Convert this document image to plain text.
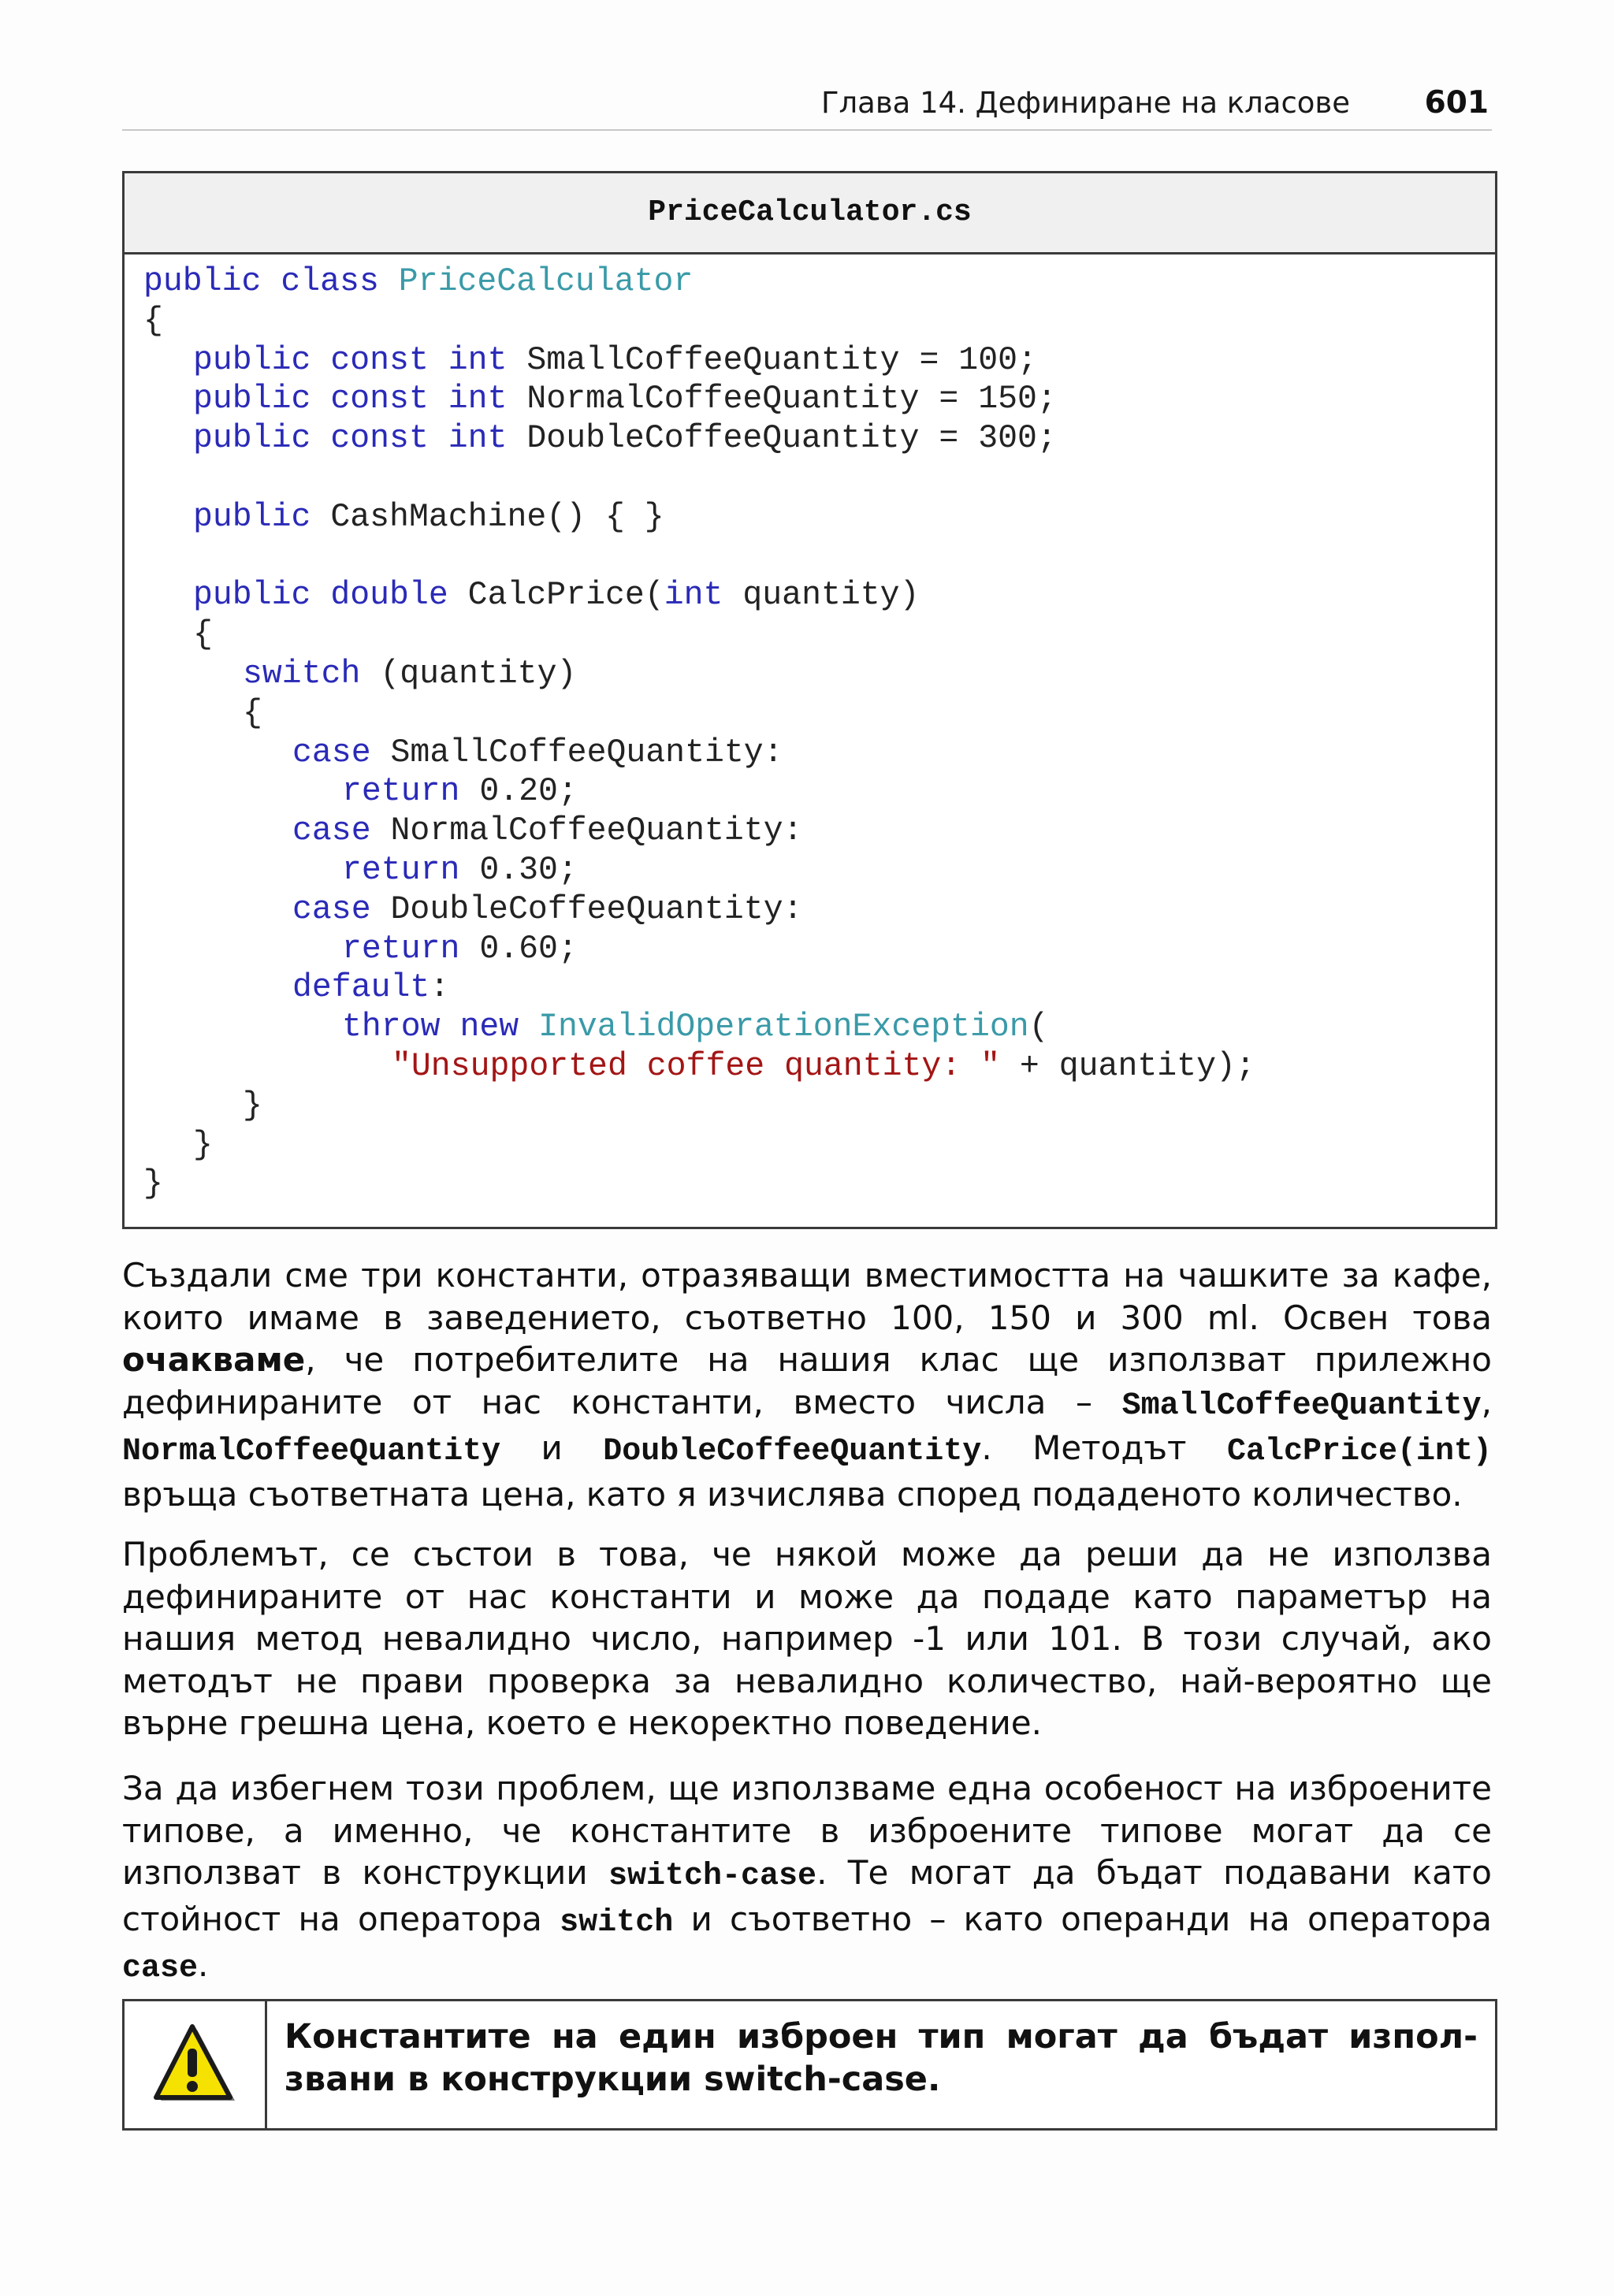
Глава 14. Дефиниране на класове 601
PriceCalculator.cs
public class PriceCalculator
{
public const int SmallCoffeeQuantity = 100;
public const int NormalCoffeeQuantity = 150;
public const int DoubleCoffeeQuantity = 300;

public CashMachine() { }

public double CalcPrice(int quantity)
{
switch (quantity)
{
case SmallCoffeeQuantity:
return 0.20;
case NormalCoffeeQuantity:
return 0.30;
case DoubleCoffeeQuantity:
return 0.60;
default:
throw new InvalidOperationException(
"Unsupported coffee quantity: " + quantity);
}
}
}
Създали сме три константи, отразяващи вместимостта на чашките за кафе, които имаме в заведението, съответно 100, 150 и 300 ml. Освен това очакваме, че потребителите на нашия клас ще използват прилежно дефинираните от нас константи, вместо числа – SmallCoffeeQuantity, NormalCoffeeQuantity и DoubleCoffeeQuantity. Методът CalcPrice(int) връща съответната цена, като я изчислява според подаденото количество.
Проблемът, се състои в това, че някой може да реши да не използва дефинираните от нас константи и може да подаде като параметър на нашия метод невалидно число, например -1 или 101. В този случай, ако методът не прави проверка за невалидно количество, най-вероятно ще върне грешна цена, което е некоректно поведение.
За да избегнем този проблем, ще използваме една особеност на изброените типове, а именно, че константите в изброените типове могат да се използват в конструкции switch-case. Те могат да бъдат подавани като стойност на оператора switch и съответно – като операнди на оператора case.
Константите на един изброен тип могат да бъдат използвани в конструкции switch-case.
